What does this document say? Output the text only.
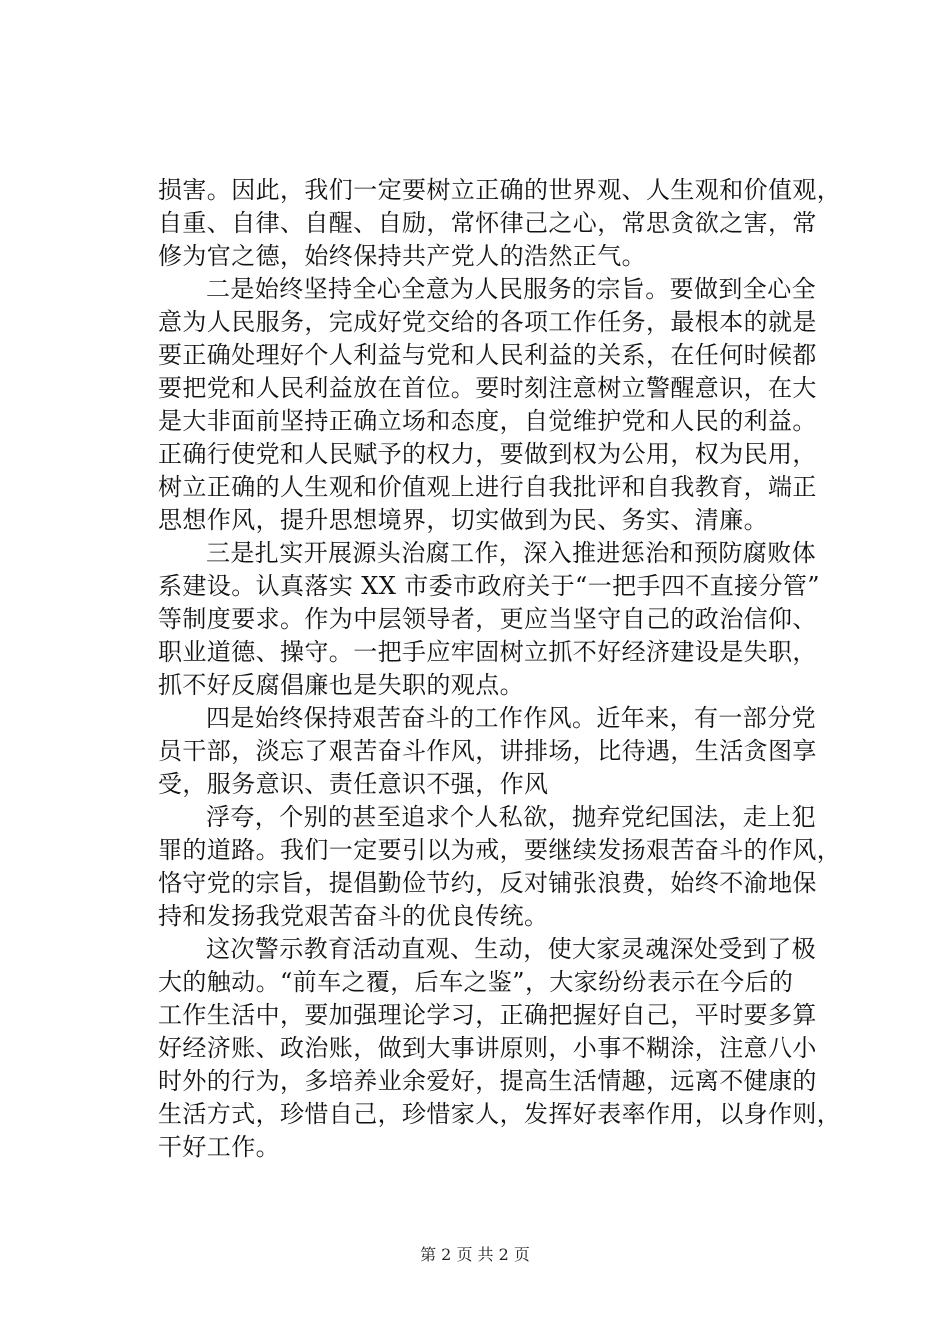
损害。因此，我们一定要树立正确的世界观、人生观和价值观，
自重、自律、自醒、自励，常怀律己之心，常思贪欲之害，常
修为官之德，始终保持共产党人的浩然正气。
二是始终坚持全心全意为人民服务的宗旨。要做到全心全
意为人民服务，完成好党交给的各项工作任务，最根本的就是
要正确处理好个人利益与党和人民利益的关系，在任何时候都
要把党和人民利益放在首位。要时刻注意树立警醒意识，在大
是大非面前坚持正确立场和态度，自觉维护党和人民的利益。
正确行使党和人民赋予的权力，要做到权为公用，权为民用，
树立正确的人生观和价值观上进行自我批评和自我教育，端正
思想作风，提升思想境界，切实做到为民、务实、清廉。
三是扎实开展源头治腐工作，深入推进惩治和预防腐败体
系建设。认真落实 XX 市委市政府关于“一把手四不直接分管”
等制度要求。作为中层领导者，更应当坚守自己的政治信仰、
职业道德、操守。一把手应牢固树立抓不好经济建设是失职，
抓不好反腐倡廉也是失职的观点。
四是始终保持艰苦奋斗的工作作风。近年来，有一部分党
员干部，淡忘了艰苦奋斗作风，讲排场，比待遇，生活贪图享
受，服务意识、责任意识不强，作风
浮夸，个别的甚至追求个人私欲，抛弃党纪国法，走上犯
罪的道路。我们一定要引以为戒，要继续发扬艰苦奋斗的作风，
恪守党的宗旨，提倡勤俭节约，反对铺张浪费，始终不渝地保
持和发扬我党艰苦奋斗的优良传统。
这次警示教育活动直观、生动，使大家灵魂深处受到了极
大的触动。“前车之覆，后车之鉴”，大家纷纷表示在今后的
工作生活中，要加强理论学习，正确把握好自己，平时要多算
好经济账、政治账，做到大事讲原则，小事不糊涂，注意八小
时外的行为，多培养业余爱好，提高生活情趣，远离不健康的
生活方式，珍惜自己，珍惜家人，发挥好表率作用，以身作则，
干好工作。
第 2 页 共 2 页
